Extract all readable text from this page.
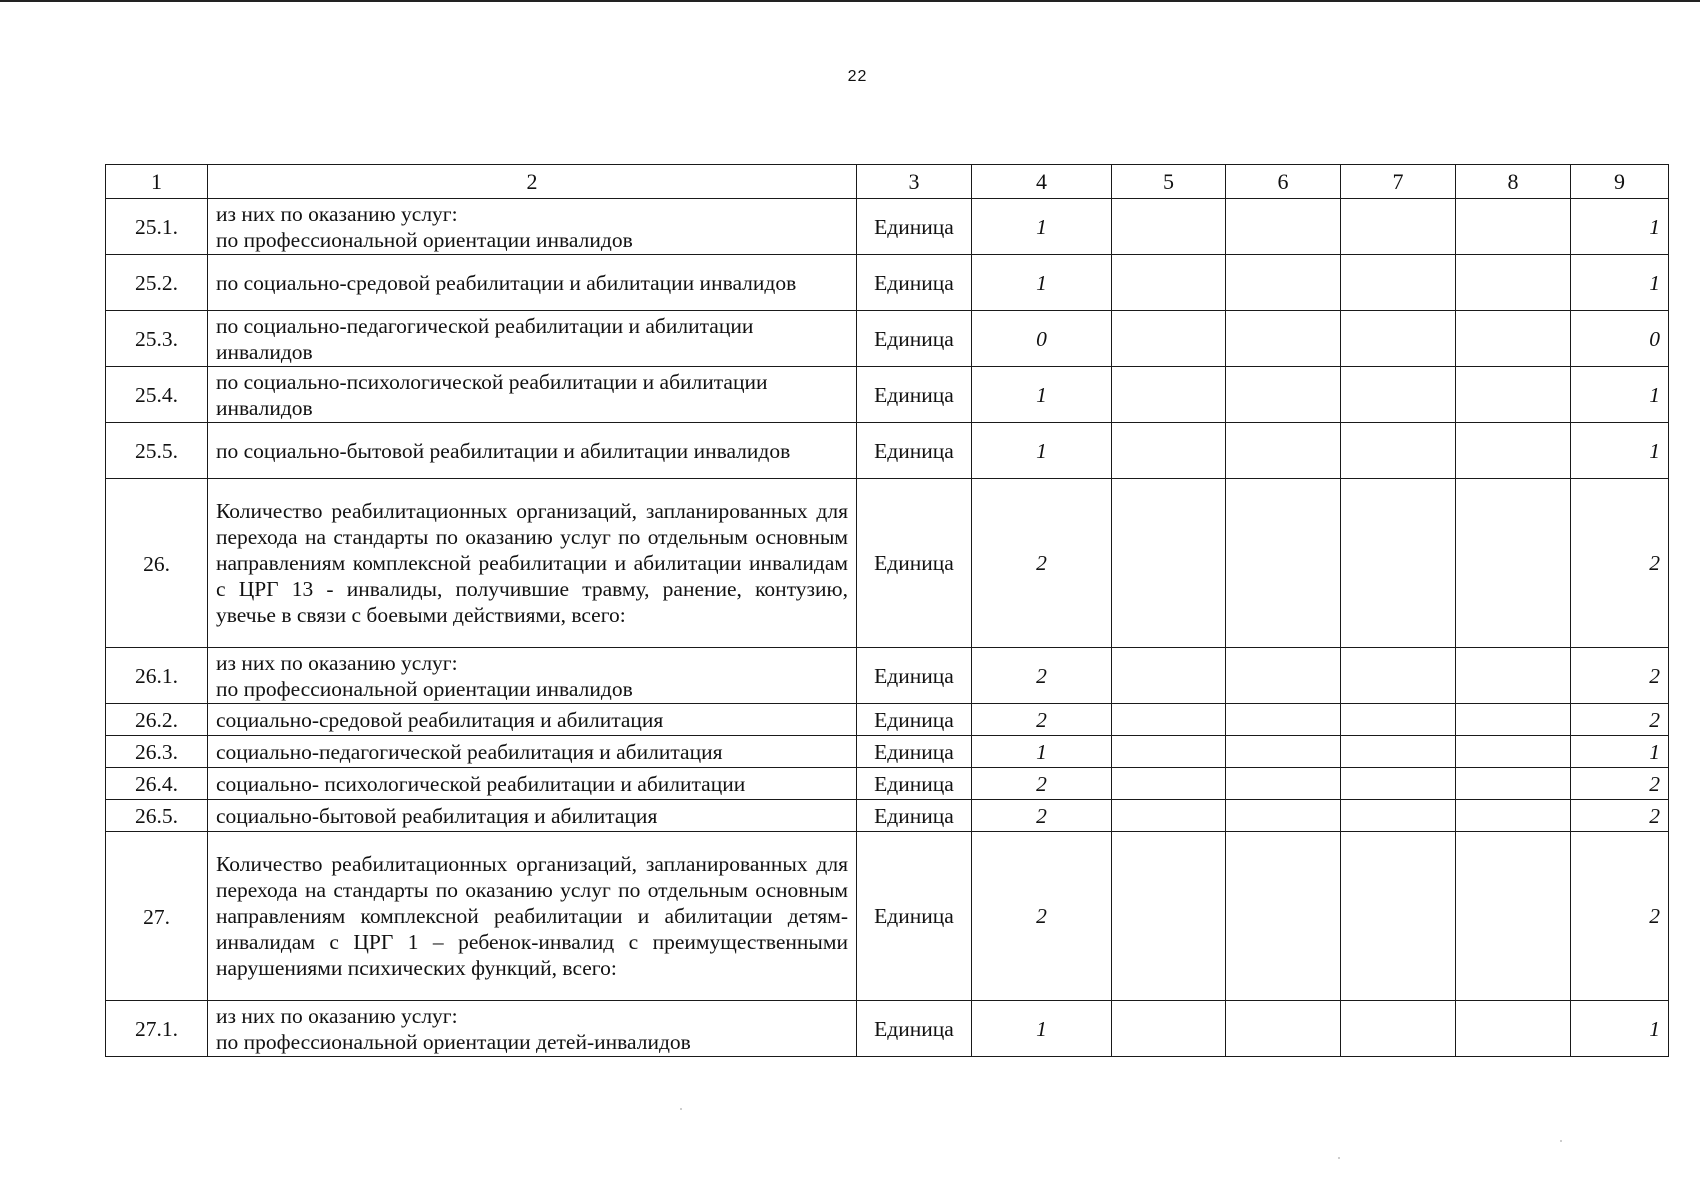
22
1	2	3	4	5	6	7	8	9
25.1.	из них по оказанию услуг:
по профессиональной ориентации инвалидов	Единица	1					1
25.2.	по социально-средовой реабилитации и абилитации инвалидов	Единица	1					1
25.3.	по социально-педагогической реабилитации и абилитации инвалидов	Единица	0					0
25.4.	по социально-психологической реабилитации и абилитации инвалидов	Единица	1					1
25.5.	по социально-бытовой реабилитации и абилитации инвалидов	Единица	1					1
26.	Количество реабилитационных организаций, запланированных для перехода на стандарты по оказанию услуг по отдельным основным направлениям комплексной реабилитации и абилитации инвалидам с ЦРГ 13 - инвалиды, получившие травму, ранение, контузию, увечье в связи с боевыми действиями, всего:	Единица	2					2
26.1.	из них по оказанию услуг:
по профессиональной ориентации инвалидов	Единица	2					2
26.2.	социально-средовой реабилитация и абилитация	Единица	2					2
26.3.	социально-педагогической реабилитация и абилитация	Единица	1					1
26.4.	социально- психологической реабилитации и абилитации	Единица	2					2
26.5.	социально-бытовой реабилитация и абилитация	Единица	2					2
27.	Количество реабилитационных организаций, запланированных для перехода на стандарты по оказанию услуг по отдельным основным направлениям комплексной реабилитации и абилитации детям-инвалидам с ЦРГ 1 – ребенок-инвалид с преимущественными нарушениями психических функций, всего:	Единица	2					2
27.1.	из них по оказанию услуг:
по профессиональной ориентации детей-инвалидов	Единица	1					1
